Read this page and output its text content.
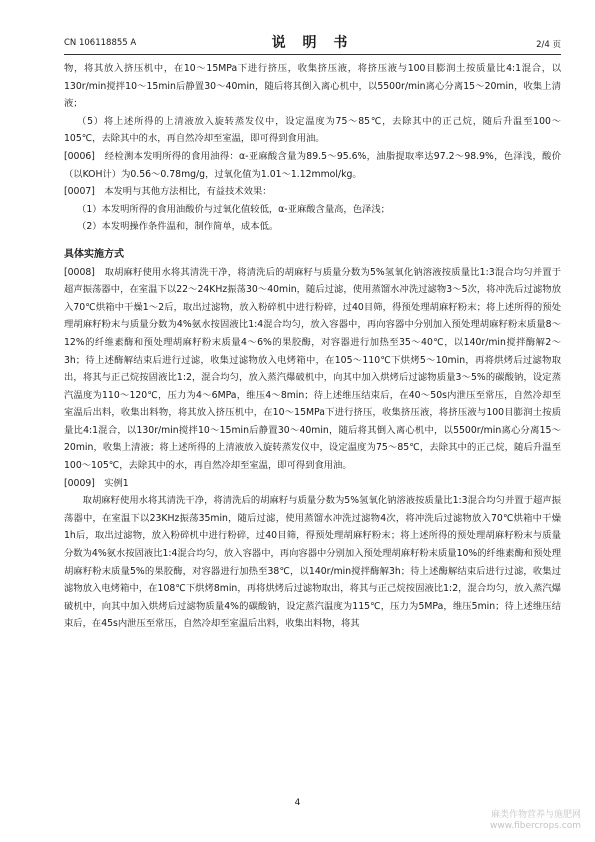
CN 106118855 A	说 明 书	2/4 页

物，将其放入挤压机中，在10～15MPa下进行挤压，收集挤压液，将挤压液与100目膨润土按质量比4:1混合，以130r/min搅拌10～15min后静置30～40min，随后将其倒入离心机中，以5500r/min离心分离15～20min，收集上清液；

（5）将上述所得的上清液放入旋转蒸发仪中，设定温度为75～85℃，去除其中的正己烷，随后升温至100～105℃，去除其中的水，再自然冷却至室温，即可得到食用油。

[0006]　经检测本发明所得的食用油得：α-亚麻酸含量为89.5～95.6%，油脂提取率达97.2～98.9%，色泽浅，酸价（以KOH计）为0.56～0.78mg/g，过氧化值为1.01～1.12mmol/kg。

[0007]　本发明与其他方法相比，有益技术效果：

（1）本发明所得的食用油酸价与过氧化值较低，α-亚麻酸含量高，色泽浅；

（2）本发明操作条件温和，制作简单，成本低。

具体实施方式

[0008]　取胡麻籽使用水将其清洗干净，将清洗后的胡麻籽与质量分数为5%氢氧化钠溶液按质量比1:3混合均匀并置于超声振荡器中，在室温下以22～24KHz振荡30～40min，随后过滤，使用蒸馏水冲洗过滤物3～5次，将冲洗后过滤物放入70℃烘箱中干燥1～2后，取出过滤物，放入粉碎机中进行粉碎，过40目筛，得预处理胡麻籽粉末；将上述所得的预处理胡麻籽粉末与质量分数为4%氨水按固液比1:4混合均匀，放入容器中，再向容器中分别加入预处理胡麻籽粉末质量8～12%的纤维素酶和预处理胡麻籽粉末质量4～6%的果胶酶，对容器进行加热至35～40℃，以140r/min搅拌酶解2～3h；待上述酶解结束后进行过滤，收集过滤物放入电烤箱中，在105～110℃下烘烤5～10min，再将烘烤后过滤物取出，将其与正己烷按固液比1:2，混合均匀，放入蒸汽爆破机中，向其中加入烘烤后过滤物质量3～5%的碳酸钠，设定蒸汽温度为110～120℃，压力为4～6MPa，维压4～8min；待上述维压结束后，在40～50s内泄压至常压，自然冷却至室温后出料，收集出料物，将其放入挤压机中，在10～15MPa下进行挤压，收集挤压液，将挤压液与100目膨润土按质量比4:1混合，以130r/min搅拌10～15min后静置30～40min，随后将其倒入离心机中，以5500r/min离心分离15～20min，收集上清液；将上述所得的上清液放入旋转蒸发仪中，设定温度为75～85℃，去除其中的正己烷，随后升温至100～105℃，去除其中的水，再自然冷却至室温，即可得到食用油。

[0009]　实例1

取胡麻籽使用水将其清洗干净，将清洗后的胡麻籽与质量分数为5%氢氧化钠溶液按质量比1:3混合均匀并置于超声振荡器中，在室温下以23KHz振荡35min，随后过滤，使用蒸馏水冲洗过滤物4次，将冲洗后过滤物放入70℃烘箱中干燥1h后，取出过滤物，放入粉碎机中进行粉碎，过40目筛，得预处理胡麻籽粉末；将上述所得的预处理胡麻籽粉末与质量分数为4%氨水按固液比1:4混合均匀，放入容器中，再向容器中分别加入预处理胡麻籽粉末质量10%的纤维素酶和预处理胡麻籽粉末质量5%的果胶酶，对容器进行加热至38℃，以140r/min搅拌酶解3h；待上述酶解结束后进行过滤，收集过滤物放入电烤箱中，在108℃下烘烤8min，再将烘烤后过滤物取出，将其与正己烷按固液比1:2，混合均匀，放入蒸汽爆破机中，向其中加入烘烤后过滤物质量4%的碳酸钠，设定蒸汽温度为115℃，压力为5MPa，维压5min；待上述维压结束后，在45s内泄压至常压，自然冷却至室温后出料，收集出料物，将其

4
麻类作物营养与施肥网
www.fibercrops.com
